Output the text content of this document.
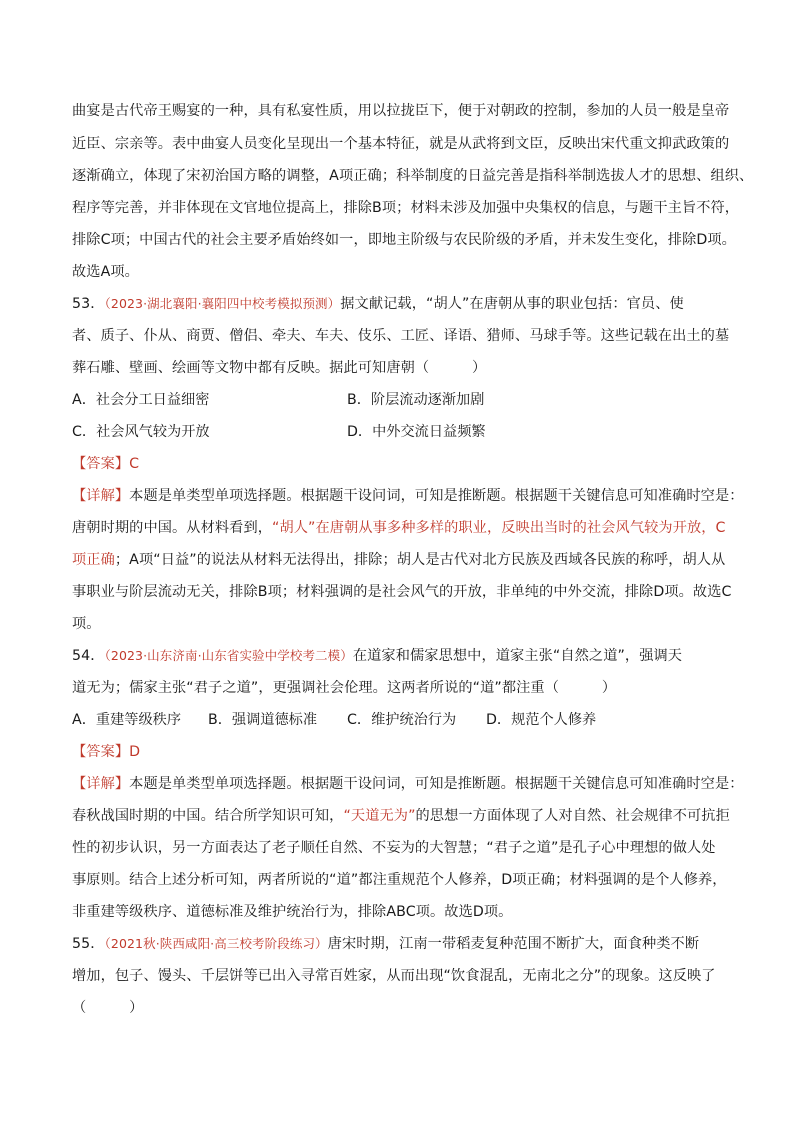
曲宴是古代帝王赐宴的一种，具有私宴性质，用以拉拢臣下，便于对朝政的控制，参加的人员一般是皇帝
近臣、宗亲等。表中曲宴人员变化呈现出一个基本特征，就是从武将到文臣，反映出宋代重文抑武政策的
逐渐确立，体现了宋初治国方略的调整，A项正确；科举制度的日益完善是指科举制选拔人才的思想、组织、
程序等完善，并非体现在文官地位提高上，排除B项；材料未涉及加强中央集权的信息，与题干主旨不符，
排除C项；中国古代的社会主要矛盾始终如一，即地主阶级与农民阶级的矛盾，并未发生变化，排除D项。
故选A项。
53．（2023·湖北襄阳·襄阳四中校考模拟预测）据文献记载，“胡人”在唐朝从事的职业包括：官员、使
者、质子、仆从、商贾、僧侣、牵夫、车夫、伎乐、工匠、译语、猎师、马球手等。这些记载在出土的墓
葬石雕、壁画、绘画等文物中都有反映。据此可知唐朝（　　　）
A．社会分工日益细密	B．阶层流动逐渐加剧
C．社会风气较为开放	D．中外交流日益频繁
【答案】C
【详解】本题是单类型单项选择题。根据题干设问词，可知是推断题。根据题干关键信息可知准确时空是：
唐朝时期的中国。从材料看到，“胡人”在唐朝从事多种多样的职业，反映出当时的社会风气较为开放，C
项正确；A项“日益”的说法从材料无法得出，排除；胡人是古代对北方民族及西域各民族的称呼，胡人从
事职业与阶层流动无关，排除B项；材料强调的是社会风气的开放，非单纯的中外交流，排除D项。故选C
项。
54．（2023·山东济南·山东省实验中学校考二模）在道家和儒家思想中，道家主张“自然之道”，强调天
道无为；儒家主张“君子之道”，更强调社会伦理。这两者所说的“道”都注重（　　　）
A．重建等级秩序 B．强调道德标准 C．维护统治行为 D．规范个人修养
【答案】D
【详解】本题是单类型单项选择题。根据题干设问词，可知是推断题。根据题干关键信息可知准确时空是：
春秋战国时期的中国。结合所学知识可知，“天道无为”的思想一方面体现了人对自然、社会规律不可抗拒
性的初步认识，另一方面表达了老子顺任自然、不妄为的大智慧；“君子之道”是孔子心中理想的做人处
事原则。结合上述分析可知，两者所说的“道”都注重规范个人修养，D项正确；材料强调的是个人修养，
非重建等级秩序、道德标准及维护统治行为，排除ABC项。故选D项。
55．（2021秋·陕西咸阳·高三校考阶段练习）唐宋时期，江南一带稻麦复种范围不断扩大，面食种类不断
增加，包子、馒头、千层饼等已出入寻常百姓家，从而出现“饮食混乱，无南北之分”的现象。这反映了
（　　　）
